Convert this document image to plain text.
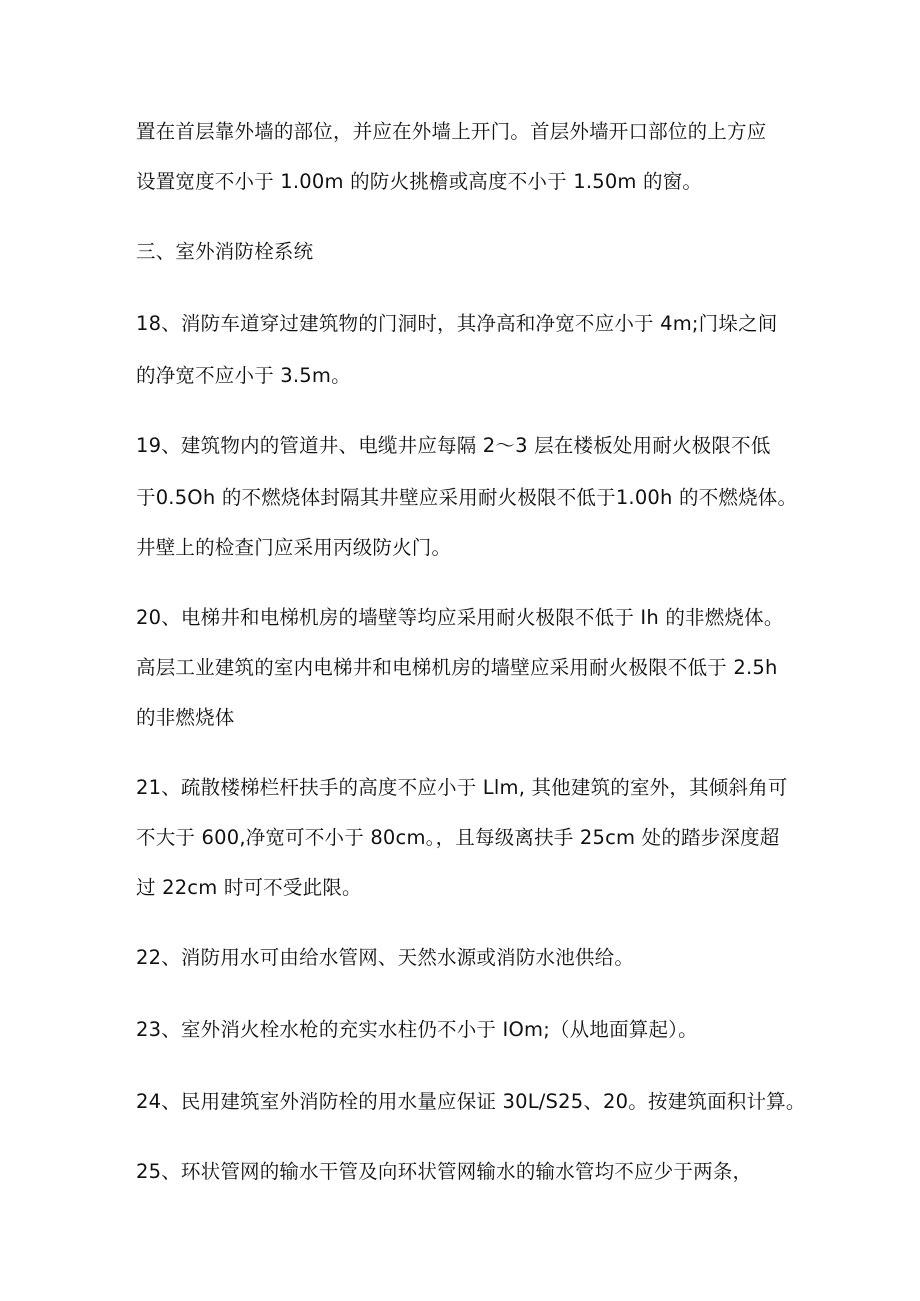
置在首层靠外墙的部位，并应在外墙上开门。首层外墙开口部位的上方应
设置宽度不小于 1.00m 的防火挑檐或高度不小于 1.50m 的窗。
三、室外消防栓系统
18、消防车道穿过建筑物的门洞时，其净高和净宽不应小于 4m;门垛之间
的净宽不应小于 3.5m。
19、建筑物内的管道井、电缆井应每隔 2～3 层在楼板处用耐火极限不低
于0.5Oh 的不燃烧体封隔其井壁应采用耐火极限不低于1.00h 的不燃烧体。
井壁上的检查门应采用丙级防火门。
20、电梯井和电梯机房的墙壁等均应采用耐火极限不低于 Ih 的非燃烧体。
高层工业建筑的室内电梯井和电梯机房的墙壁应采用耐火极限不低于 2.5h
的非燃烧体
21、疏散楼梯栏杆扶手的高度不应小于 Llm, 其他建筑的室外，其倾斜角可
不大于 600,净宽可不小于 80cm。，且每级离扶手 25cm 处的踏步深度超
过 22cm 时可不受此限。
22、消防用水可由给水管网、天然水源或消防水池供给。
23、室外消火栓水枪的充实水柱仍不小于 IOm;（从地面算起）。
24、民用建筑室外消防栓的用水量应保证 30L/S25、20。按建筑面积计算。
25、环状管网的输水干管及向环状管网输水的输水管均不应少于两条，
